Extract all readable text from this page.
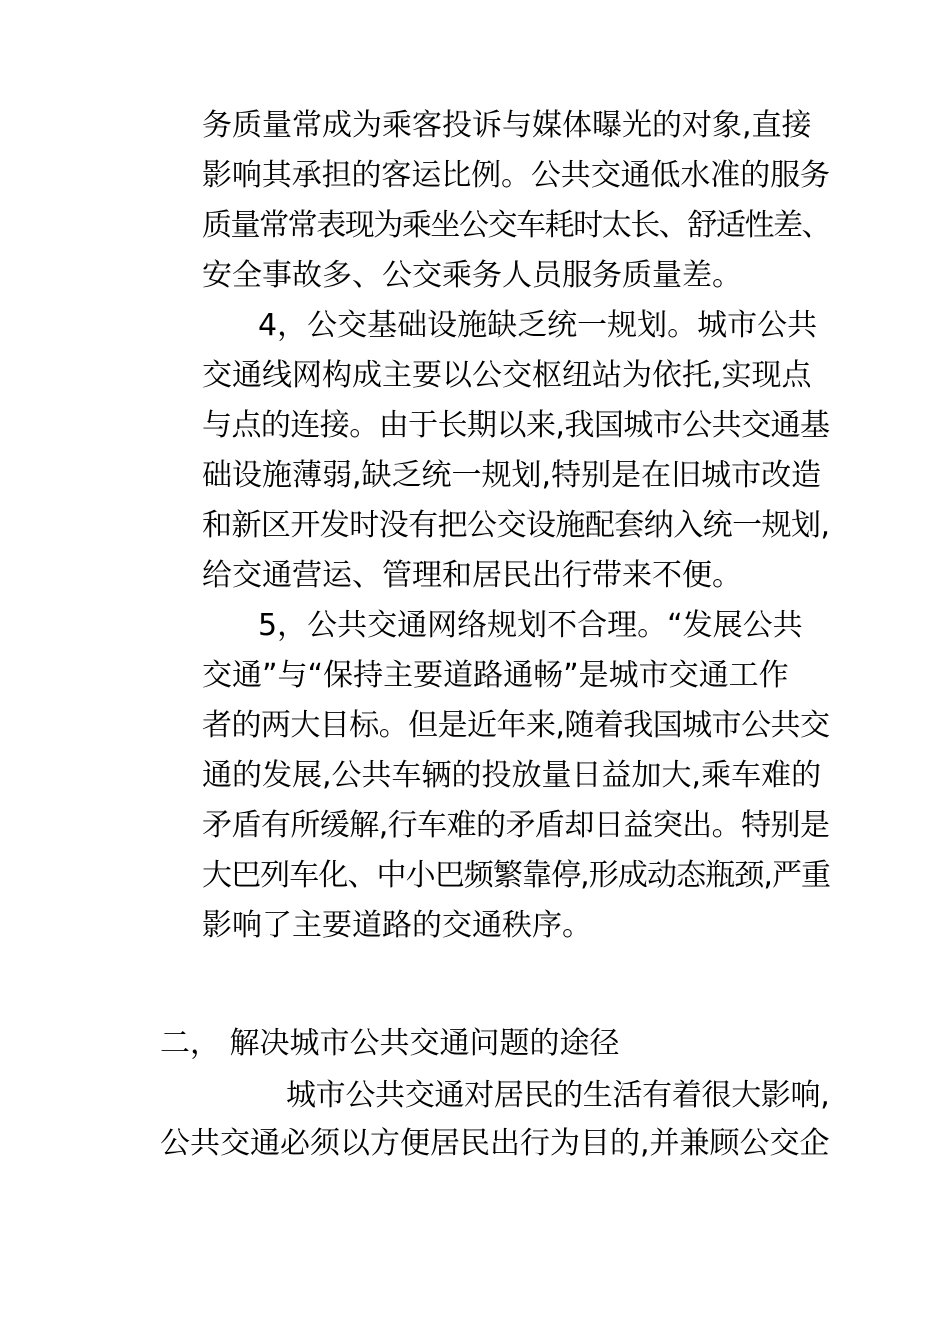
务质量常成为乘客投诉与媒体曝光的对象,直接
影响其承担的客运比例。公共交通低水准的服务
质量常常表现为乘坐公交车耗时太长、舒适性差、
安全事故多、公交乘务人员服务质量差。
4，公交基础设施缺乏统一规划。城市公共
交通线网构成主要以公交枢纽站为依托,实现点
与点的连接。由于长期以来,我国城市公共交通基
础设施薄弱,缺乏统一规划,特别是在旧城市改造
和新区开发时没有把公交设施配套纳入统一规划,
给交通营运、管理和居民出行带来不便。
5，公共交通网络规划不合理。“发展公共
交通”与“保持主要道路通畅”是城市交通工作
者的两大目标。但是近年来,随着我国城市公共交
通的发展,公共车辆的投放量日益加大,乘车难的
矛盾有所缓解,行车难的矛盾却日益突出。特别是
大巴列车化、中小巴频繁靠停,形成动态瓶颈,严重
影响了主要道路的交通秩序。
二， 解决城市公共交通问题的途径
城市公共交通对居民的生活有着很大影响,
公共交通必须以方便居民出行为目的,并兼顾公交企
